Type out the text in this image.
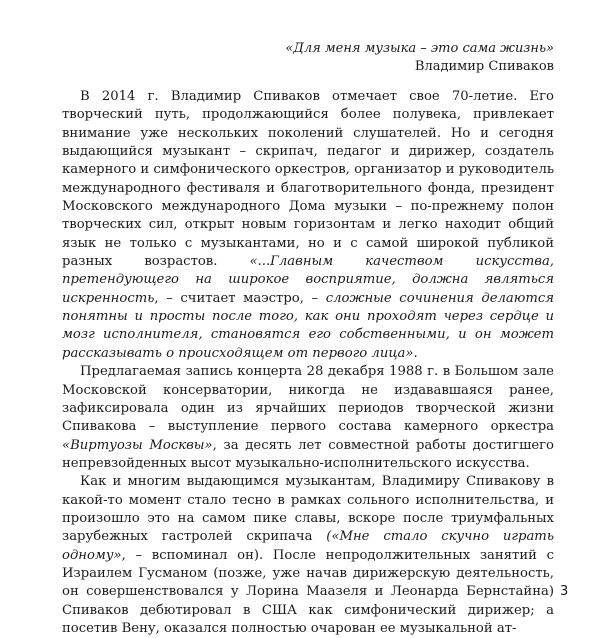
«Для меня музыка – это сама жизнь»
Владимир Спиваков

В 2014 г. Владимир Спиваков отмечает свое 70-летие. Его творческий путь, продолжающийся более полувека, привлекает внимание уже нескольких поколений слушателей. Но и сегодня выдающийся музыкант – скрипач, педагог и дирижер, создатель камерного и симфонического оркестров, организатор и руководитель международного фестиваля и благотворительного фонда, президент Московского международного Дома музыки – по-прежнему полон творческих сил, открыт новым горизонтам и легко находит общий язык не только с музыкантами, но и с самой широкой публикой разных возрастов. «...Главным качеством искусства, претендующего на широкое восприятие, должна являться искренность, – считает маэстро, – сложные сочинения делаются понятны и просты после того, как они проходят через сердце и мозг исполнителя, становятся его собственными, и он может рассказывать о происходящем от первого лица».

Предлагаемая запись концерта 28 декабря 1988 г. в Большом зале Московской консерватории, никогда не издававшаяся ранее, зафиксировала один из ярчайших периодов творческой жизни Спивакова – выступление первого состава камерного оркестра «Виртуозы Москвы», за десять лет совместной работы достигшего непревзойденных высот музыкально-исполнительского искусства.

Как и многим выдающимся музыкантам, Владимиру Спивакову в какой-то момент стало тесно в рамках сольного исполнительства, и произошло это на самом пике славы, вскоре после триумфальных зарубежных гастролей скрипача («Мне стало скучно играть одному», – вспоминал он). После непродолжительных занятий с Израилем Гусманом (позже, уже начав дирижерскую деятельность, он совершенствовался у Лорина Маазеля и Леонарда Бернстайна) Спиваков дебютировал в США как симфонический дирижер; а посетив Вену, оказался полностью очарован ее музыкальной ат-

3
